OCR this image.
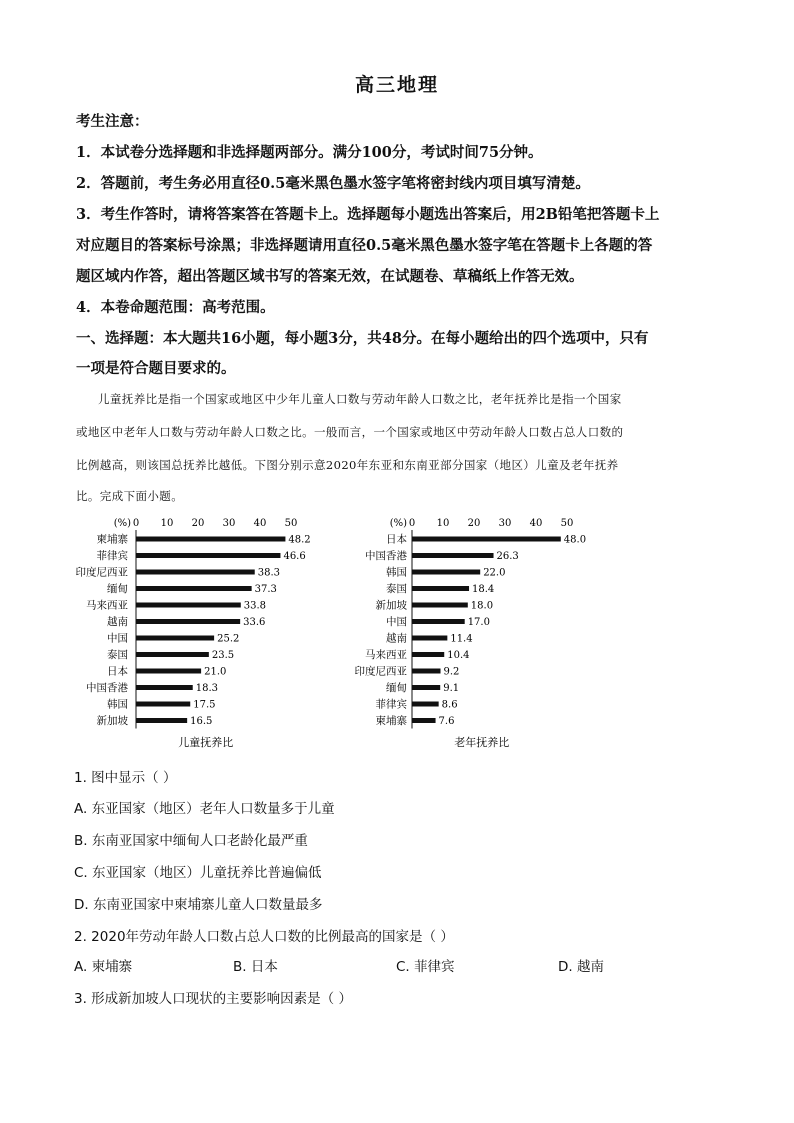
高三地理
考生注意：
1．本试卷分选择题和非选择题两部分。满分100分，考试时间75分钟。
2．答题前，考生务必用直径0.5毫米黑色墨水签字笔将密封线内项目填写清楚。
3．考生作答时，请将答案答在答题卡上。选择题每小题选出答案后，用2B铅笔把答题卡上
对应题目的答案标号涂黑；非选择题请用直径0.5毫米黑色墨水签字笔在答题卡上各题的答
题区域内作答，超出答题区域书写的答案无效，在试题卷、草稿纸上作答无效。
4．本卷命题范围：高考范围。
一、选择题：本大题共16小题，每小题3分，共48分。在每小题给出的四个选项中，只有
一项是符合题目要求的。
儿童抚养比是指一个国家或地区中少年儿童人口数与劳动年龄人口数之比，老年抚养比是指一个国家
或地区中老年人口数与劳动年龄人口数之比。一般而言，一个国家或地区中劳动年龄人口数占总人口数的
比例越高，则该国总抚养比越低。下图分别示意2020年东亚和东南亚部分国家（地区）儿童及老年抚养
比。完成下面小题。
(%) 0 10 20 30 40 50
柬埔寨	48.2
菲律宾	46.6
印度尼西亚	38.3
缅甸	37.3
马来西亚	33.8
越南	33.6
中国	25.2
泰国	23.5
日本	21.0
中国香港	18.3
韩国	17.5
新加坡	16.5
儿童抚养比
(%) 0 10 20 30 40 50
日本	48.0
中国香港	26.3
韩国	22.0
泰国	18.4
新加坡	18.0
中国	17.0
越南	11.4
马来西亚	10.4
印度尼西亚	9.2
缅甸	9.1
菲律宾	8.6
柬埔寨	7.6
老年抚养比
1. 图中显示（ ）
A. 东亚国家（地区）老年人口数量多于儿童
B. 东南亚国家中缅甸人口老龄化最严重
C. 东亚国家（地区）儿童抚养比普遍偏低
D. 东南亚国家中柬埔寨儿童人口数量最多
2. 2020年劳动年龄人口数占总人口数的比例最高的国家是（ ）
A. 柬埔寨	B. 日本	C. 菲律宾	D. 越南
3. 形成新加坡人口现状的主要影响因素是（ ）
